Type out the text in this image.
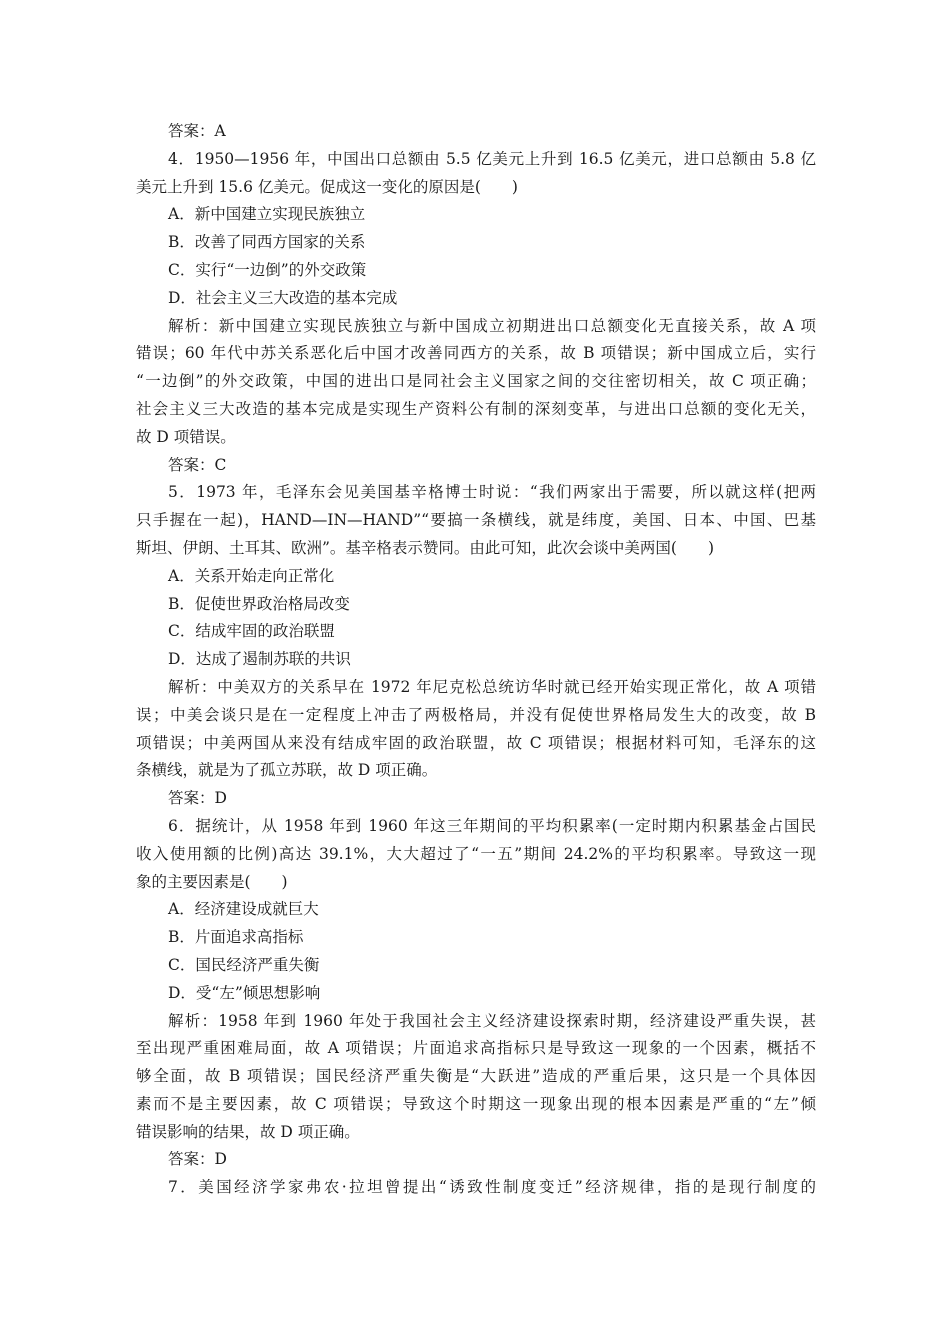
答案：A
4．1950—1956 年，中国出口总额由 5.5 亿美元上升到 16.5 亿美元，进口总额由 5.8 亿
美元上升到 15.6 亿美元。促成这一变化的原因是(　　)
A．新中国建立实现民族独立
B．改善了同西方国家的关系
C．实行“一边倒”的外交政策
D．社会主义三大改造的基本完成
解析：新中国建立实现民族独立与新中国成立初期进出口总额变化无直接关系，故 A 项
错误；60 年代中苏关系恶化后中国才改善同西方的关系，故 B 项错误；新中国成立后，实行
“一边倒”的外交政策，中国的进出口是同社会主义国家之间的交往密切相关，故 C 项正确；
社会主义三大改造的基本完成是实现生产资料公有制的深刻变革，与进出口总额的变化无关，
故 D 项错误。
答案：C
5．1973 年，毛泽东会见美国基辛格博士时说：“我们两家出于需要，所以就这样(把两
只手握在一起)，HAND—IN—HAND”“要搞一条横线，就是纬度，美国、日本、中国、巴基
斯坦、伊朗、土耳其、欧洲”。基辛格表示赞同。由此可知，此次会谈中美两国(　　)
A．关系开始走向正常化
B．促使世界政治格局改变
C．结成牢固的政治联盟
D．达成了遏制苏联的共识
解析：中美双方的关系早在 1972 年尼克松总统访华时就已经开始实现正常化，故 A 项错
误；中美会谈只是在一定程度上冲击了两极格局，并没有促使世界格局发生大的改变，故 B
项错误；中美两国从来没有结成牢固的政治联盟，故 C 项错误；根据材料可知，毛泽东的这
条横线，就是为了孤立苏联，故 D 项正确。
答案：D
6．据统计，从 1958 年到 1960 年这三年期间的平均积累率(一定时期内积累基金占国民
收入使用额的比例)高达 39.1%，大大超过了“一五”期间 24.2%的平均积累率。导致这一现
象的主要因素是(　　)
A．经济建设成就巨大
B．片面追求高指标
C．国民经济严重失衡
D．受“左”倾思想影响
解析：1958 年到 1960 年处于我国社会主义经济建设探索时期，经济建设严重失误，甚
至出现严重困难局面，故 A 项错误；片面追求高指标只是导致这一现象的一个因素，概括不
够全面，故 B 项错误；国民经济严重失衡是“大跃进”造成的严重后果，这只是一个具体因
素而不是主要因素，故 C 项错误；导致这个时期这一现象出现的根本因素是严重的“左”倾
错误影响的结果，故 D 项正确。
答案：D
7．美国经济学家弗农·拉坦曾提出“诱致性制度变迁”经济规律，指的是现行制度的
